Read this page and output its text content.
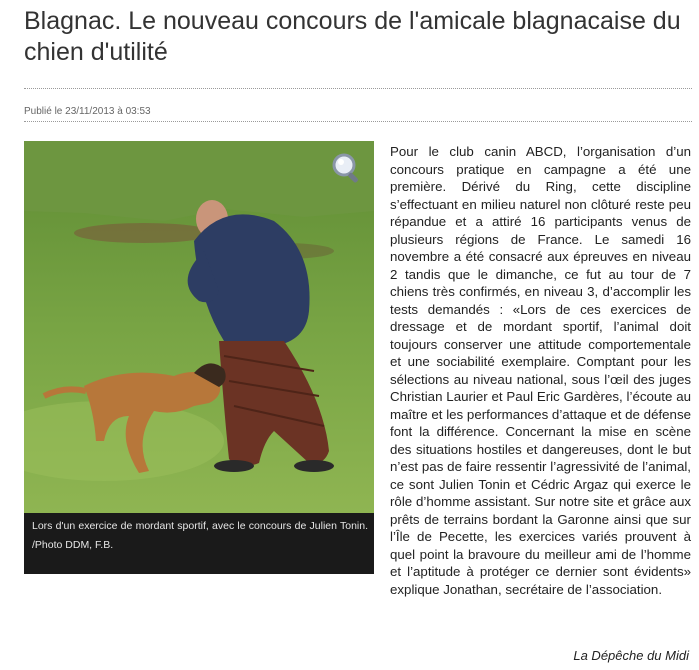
Blagnac. Le nouveau concours de l'amicale blagnacaise du chien d'utilité
Publié le 23/11/2013 à 03:53
Lors d'un exercice de mordant sportif, avec le concours de Julien Tonin. /Photo DDM, F.B.

Pour le club canin ABCD, l’organisation d’un concours pratique en campagne a été une première. Dérivé du Ring, cette discipline s’effectuant en milieu naturel non clôturé reste peu répandue et a attiré 16 participants venus de plusieurs régions de France. Le samedi 16 novembre a été consacré aux épreuves en niveau 2 tandis que le dimanche, ce fut au tour de 7 chiens très confirmés, en niveau 3, d’accomplir les tests demandés : «Lors de ces exercices de dressage et de mordant sportif, l’animal doit toujours conserver une attitude comportementale et une sociabilité exemplaire. Comptant pour les sélections au niveau national, sous l’œil des juges Christian Laurier et Paul Eric Gardères, l’écoute au maître et les performances d’attaque et de défense font la différence. Concernant la mise en scène des situations hostiles et dangereuses, dont le but n’est pas de faire ressentir l’agressivité de l’animal, ce sont Julien Tonin et Cédric Argaz qui exerce le rôle d’homme assistant. Sur notre site et grâce aux prêts de terrains bordant la Garonne ainsi que sur l’Île de Pecette, les exercices variés prouvent à quel point la bravoure du meilleur ami de l’homme et l’aptitude à protéger ce dernier sont évidents» explique Jonathan, secrétaire de l’association.

La Dépêche du Midi
